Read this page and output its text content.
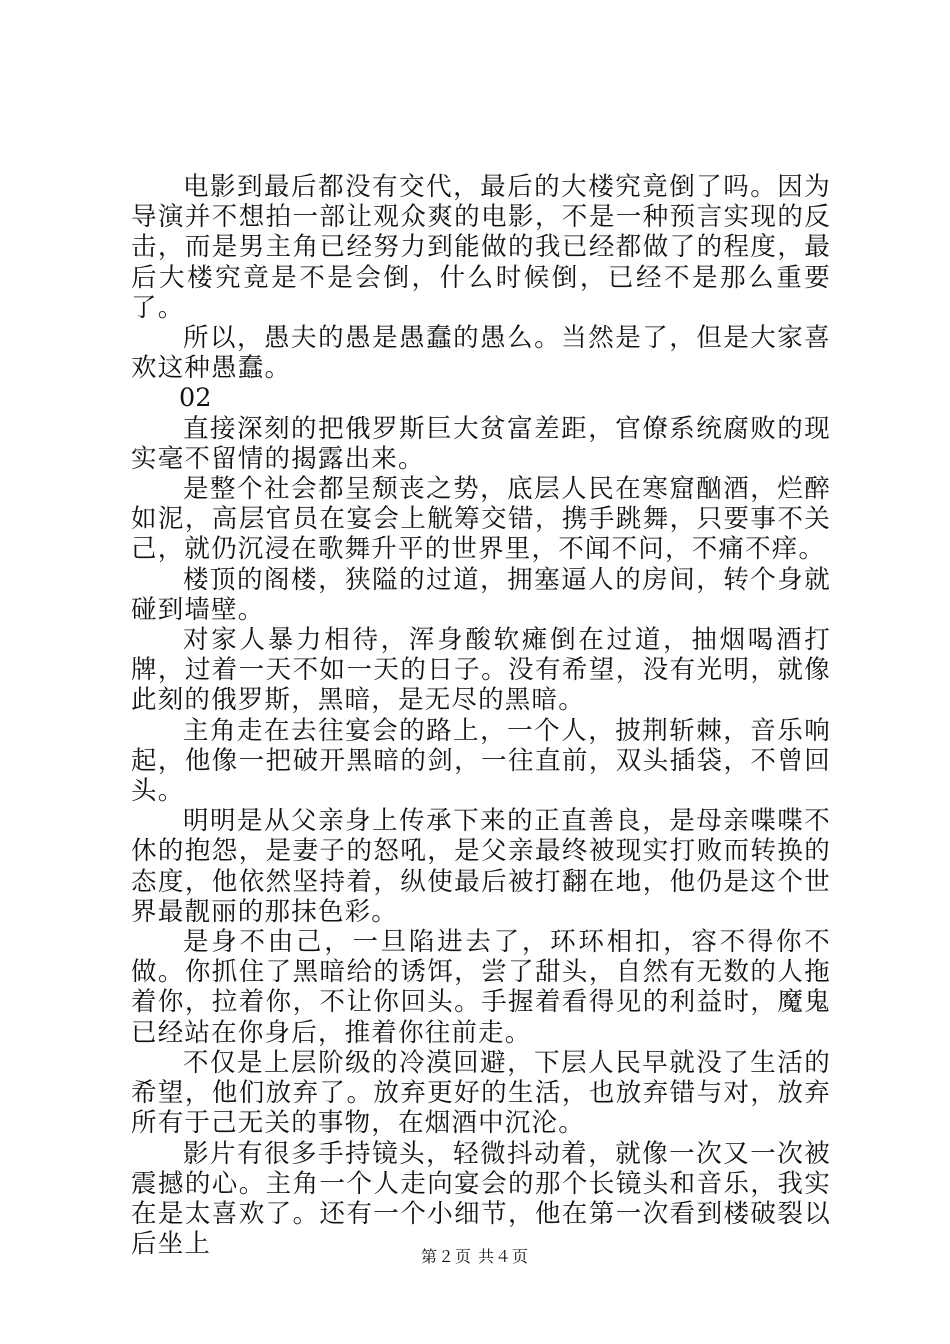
电影到最后都没有交代，最后的大楼究竟倒了吗。因为导演并不想拍一部让观众爽的电影，不是一种预言实现的反击，而是男主角已经努力到能做的我已经都做了的程度，最后大楼究竟是不是会倒，什么时候倒，已经不是那么重要了。

所以，愚夫的愚是愚蠢的愚么。当然是了，但是大家喜欢这种愚蠢。

02

直接深刻的把俄罗斯巨大贫富差距，官僚系统腐败的现实毫不留情的揭露出来。

是整个社会都呈颓丧之势，底层人民在寒窟酗酒，烂醉如泥，高层官员在宴会上觥筹交错，携手跳舞，只要事不关己，就仍沉浸在歌舞升平的世界里，不闻不问，不痛不痒。

楼顶的阁楼，狭隘的过道，拥塞逼人的房间，转个身就碰到墙壁。

对家人暴力相待，浑身酸软瘫倒在过道，抽烟喝酒打牌，过着一天不如一天的日子。没有希望，没有光明，就像此刻的俄罗斯，黑暗，是无尽的黑暗。

主角走在去往宴会的路上，一个人，披荆斩棘，音乐响起，他像一把破开黑暗的剑，一往直前，双头插袋，不曾回头。

明明是从父亲身上传承下来的正直善良，是母亲喋喋不休的抱怨，是妻子的怒吼，是父亲最终被现实打败而转换的态度，他依然坚持着，纵使最后被打翻在地，他仍是这个世界最靓丽的那抹色彩。

是身不由己，一旦陷进去了，环环相扣，容不得你不做。你抓住了黑暗给的诱饵，尝了甜头，自然有无数的人拖着你，拉着你，不让你回头。手握着看得见的利益时，魔鬼已经站在你身后，推着你往前走。

不仅是上层阶级的冷漠回避，下层人民早就没了生活的希望，他们放弃了。放弃更好的生活，也放弃错与对，放弃所有于己无关的事物，在烟酒中沉沦。

影片有很多手持镜头，轻微抖动着，就像一次又一次被震撼的心。主角一个人走向宴会的那个长镜头和音乐，我实在是太喜欢了。还有一个小细节，他在第一次看到楼破裂以后坐上	第２页 共４页
